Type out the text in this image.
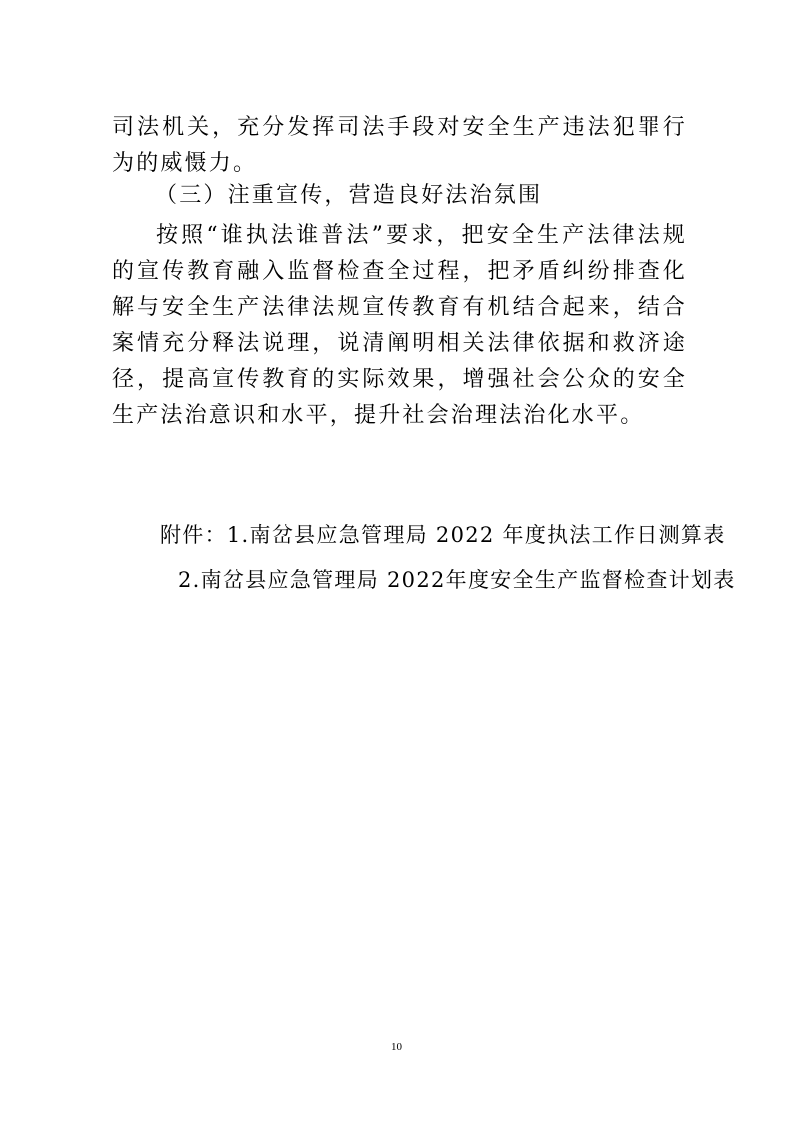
司法机关，充分发挥司法手段对安全生产违法犯罪行为的威慑力。

（三）注重宣传，营造良好法治氛围

按照“谁执法谁普法”要求，把安全生产法律法规的宣传教育融入监督检查全过程，把矛盾纠纷排查化解与安全生产法律法规宣传教育有机结合起来，结合案情充分释法说理，说清阐明相关法律依据和救济途径，提高宣传教育的实际效果，增强社会公众的安全生产法治意识和水平，提升社会治理法治化水平。

附件：1.南岔县应急管理局 2022 年度执法工作日测算表

2.南岔县应急管理局 2022年度安全生产监督检查计划表

10
